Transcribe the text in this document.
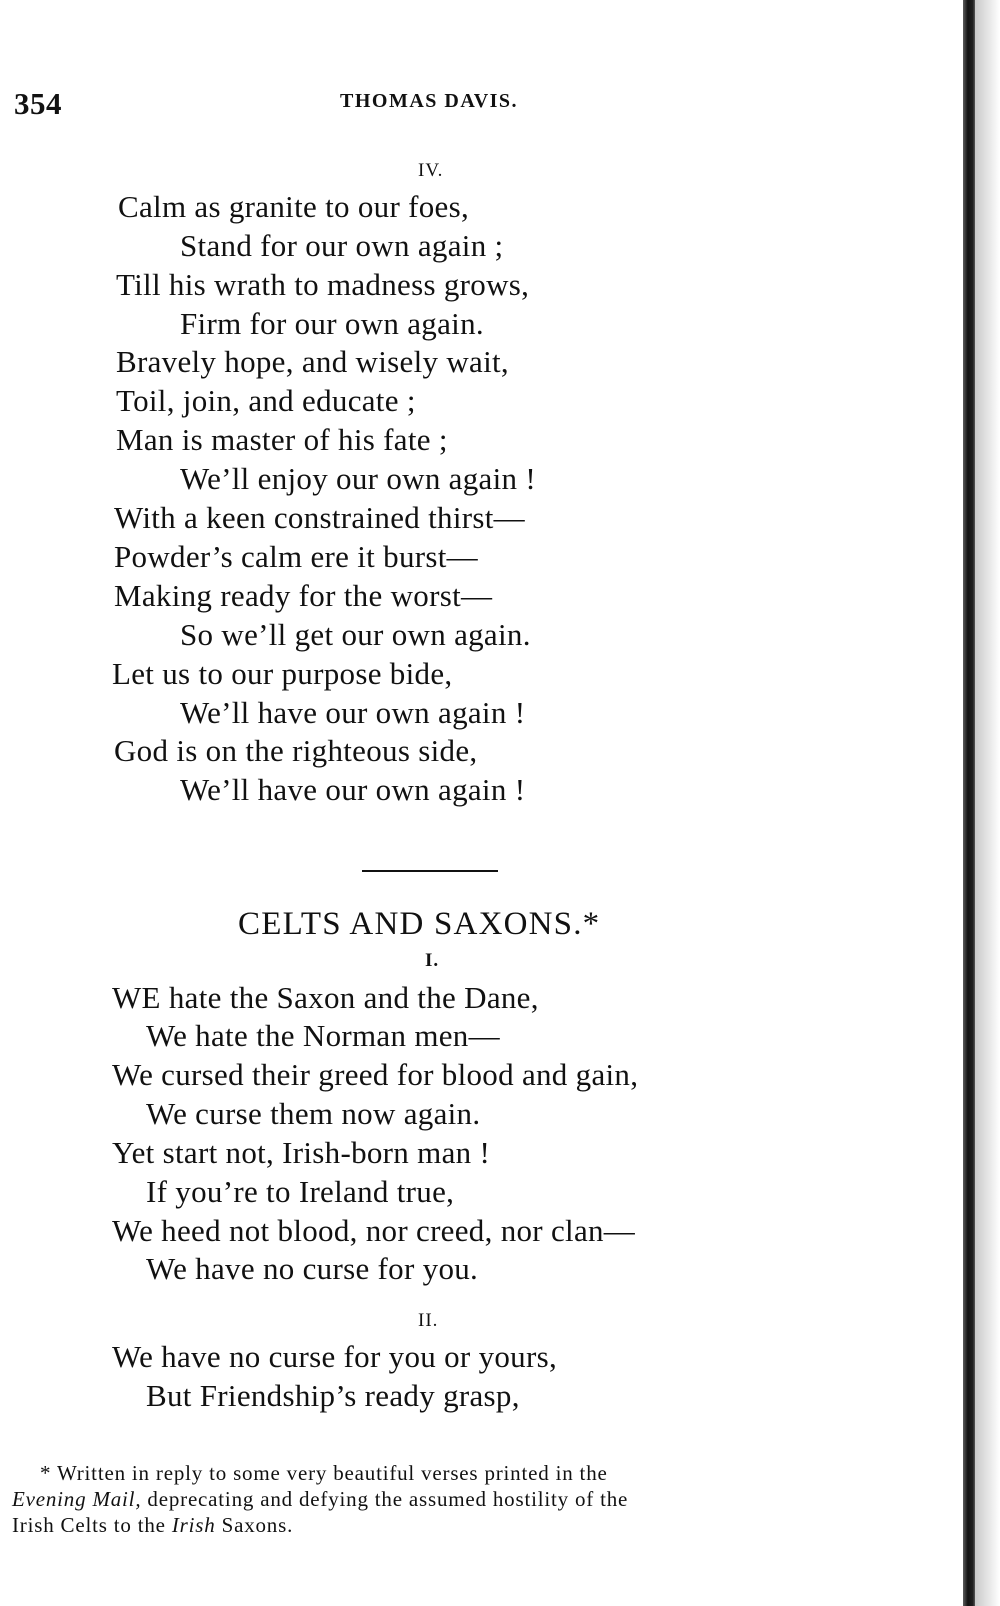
354	THOMAS DAVIS.
IV.
Calm as granite to our foes,
Stand for our own again ;
Till his wrath to madness grows,
Firm for our own again.
Bravely hope, and wisely wait,
Toil, join, and educate ;
Man is master of his fate ;
We’ll enjoy our own again !
With a keen constrained thirst—
Powder’s calm ere it burst—
Making ready for the worst—
So we’ll get our own again.
Let us to our purpose bide,
We’ll have our own again !
God is on the righteous side,
We’ll have our own again !
CELTS AND SAXONS.*
I.
WE hate the Saxon and the Dane,
We hate the Norman men—
We cursed their greed for blood and gain,
We curse them now again.
Yet start not, Irish-born man !
If you’re to Ireland true,
We heed not blood, nor creed, nor clan—
We have no curse for you.
II.
We have no curse for you or yours,
But Friendship’s ready grasp,

* Written in reply to some very beautiful verses printed in the

Evening Mail, deprecating and defying the assumed hostility of the

Irish Celts to the Irish Saxons.
